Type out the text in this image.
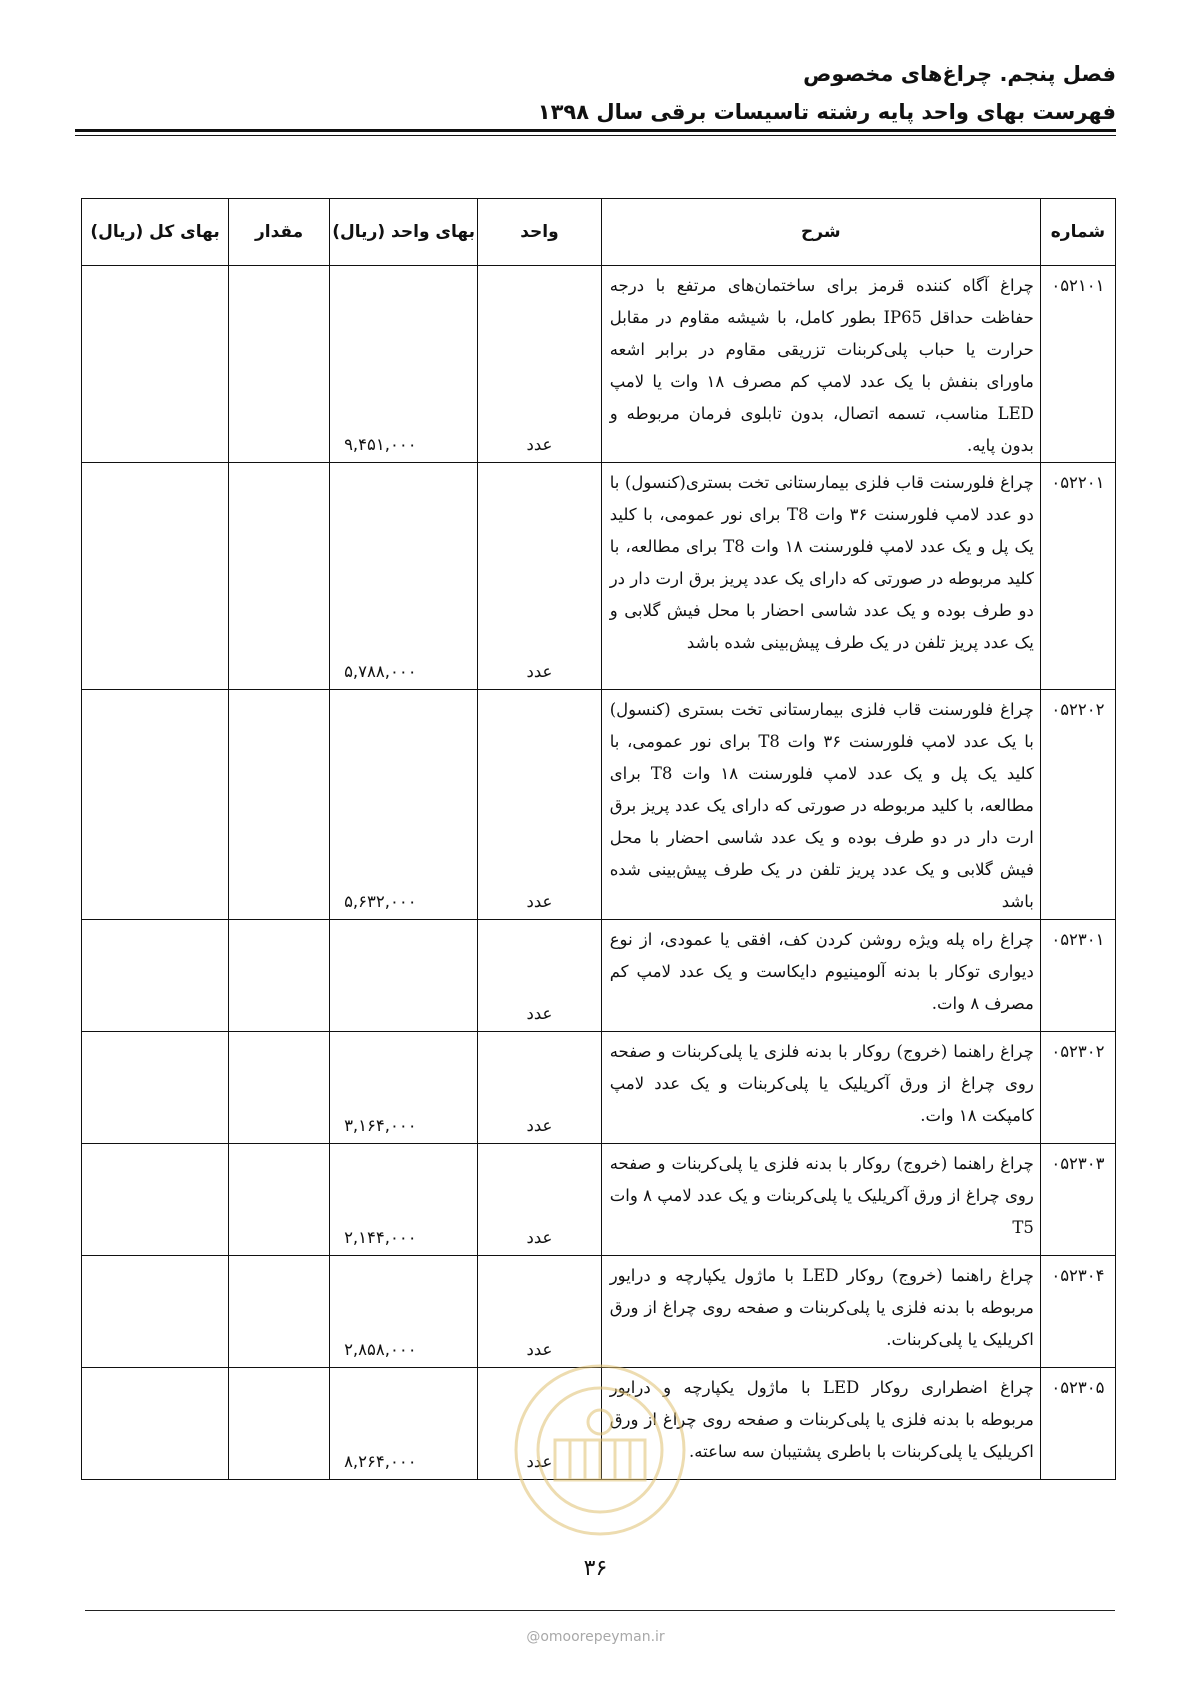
فصل پنجم. چراغ‌های مخصوص
فهرست بهای واحد پایه رشته تاسیسات برقی سال ۱۳۹۸
شماره	شرح	واحد	بهای واحد (ریال)	مقدار	بهای کل (ریال)
۰۵۲۱۰۱	چراغ آگاه کننده قرمز برای ساختمان‌های مرتفع با درجه حفاظت حداقل IP65 بطور کامل، با شیشه مقاوم در مقابل حرارت یا حباب پلی‌کربنات تزریقی مقاوم در برابر اشعه ماورای بنفش با یک عدد لامپ کم مصرف ۱۸ وات یا لامپ LED مناسب، تسمه اتصال، بدون تابلوی فرمان مربوطه و بدون پایه.	عدد	۹,۴۵۱,۰۰۰		
۰۵۲۲۰۱	چراغ فلورسنت قاب فلزی بیمارستانی تخت بستری(کنسول) با دو عدد لامپ فلورسنت ۳۶ وات T8 برای نور عمومی، با کلید یک پل و یک عدد لامپ فلورسنت ۱۸ وات T8 برای مطالعه، با کلید مربوطه در صورتی که دارای یک عدد پریز برق ارت دار در دو طرف بوده و یک عدد شاسی احضار با محل فیش گلابی و یک عدد پریز تلفن در یک طرف پیش‌بینی شده باشد	عدد	۵,۷۸۸,۰۰۰		
۰۵۲۲۰۲	چراغ فلورسنت قاب فلزی بیمارستانی تخت بستری (کنسول) با یک عدد لامپ فلورسنت ۳۶ وات T8 برای نور عمومی، با کلید یک پل و یک عدد لامپ فلورسنت ۱۸ وات T8 برای مطالعه، با کلید مربوطه در صورتی که دارای یک عدد پریز برق ارت دار در دو طرف بوده و یک عدد شاسی احضار با محل فیش گلابی و یک عدد پریز تلفن در یک طرف پیش‌بینی شده باشد	عدد	۵,۶۳۲,۰۰۰		
۰۵۲۳۰۱	چراغ راه پله ویژه روشن کردن کف، افقی یا عمودی، از نوع دیواری توکار با بدنه آلومینیوم دایکاست و یک عدد لامپ کم مصرف ۸ وات.	عدد			
۰۵۲۳۰۲	چراغ راهنما (خروج) روکار با بدنه فلزی یا پلی‌کربنات و صفحه روی چراغ از ورق آکریلیک یا پلی‌کربنات و یک عدد لامپ کامپکت ۱۸ وات.	عدد	۳,۱۶۴,۰۰۰		
۰۵۲۳۰۳	چراغ راهنما (خروج) روکار با بدنه فلزی یا پلی‌کربنات و صفحه روی چراغ از ورق آکریلیک یا پلی‌کربنات و یک عدد لامپ ۸ وات T5	عدد	۲,۱۴۴,۰۰۰		
۰۵۲۳۰۴	چراغ راهنما (خروج) روکار LED با ماژول یکپارچه و درایور مربوطه با بدنه فلزی یا پلی‌کربنات و صفحه روی چراغ از ورق اکریلیک یا پلی‌کربنات.	عدد	۲,۸۵۸,۰۰۰		
۰۵۲۳۰۵	چراغ اضطراری روکار LED با ماژول یکپارچه و درایور مربوطه با بدنه فلزی یا پلی‌کربنات و صفحه روی چراغ از ورق اکریلیک یا پلی‌کربنات با باطری پشتیبان سه ساعته.	عدد	۸,۲۶۴,۰۰۰		
۳۶
@omoorepeyman.ir
